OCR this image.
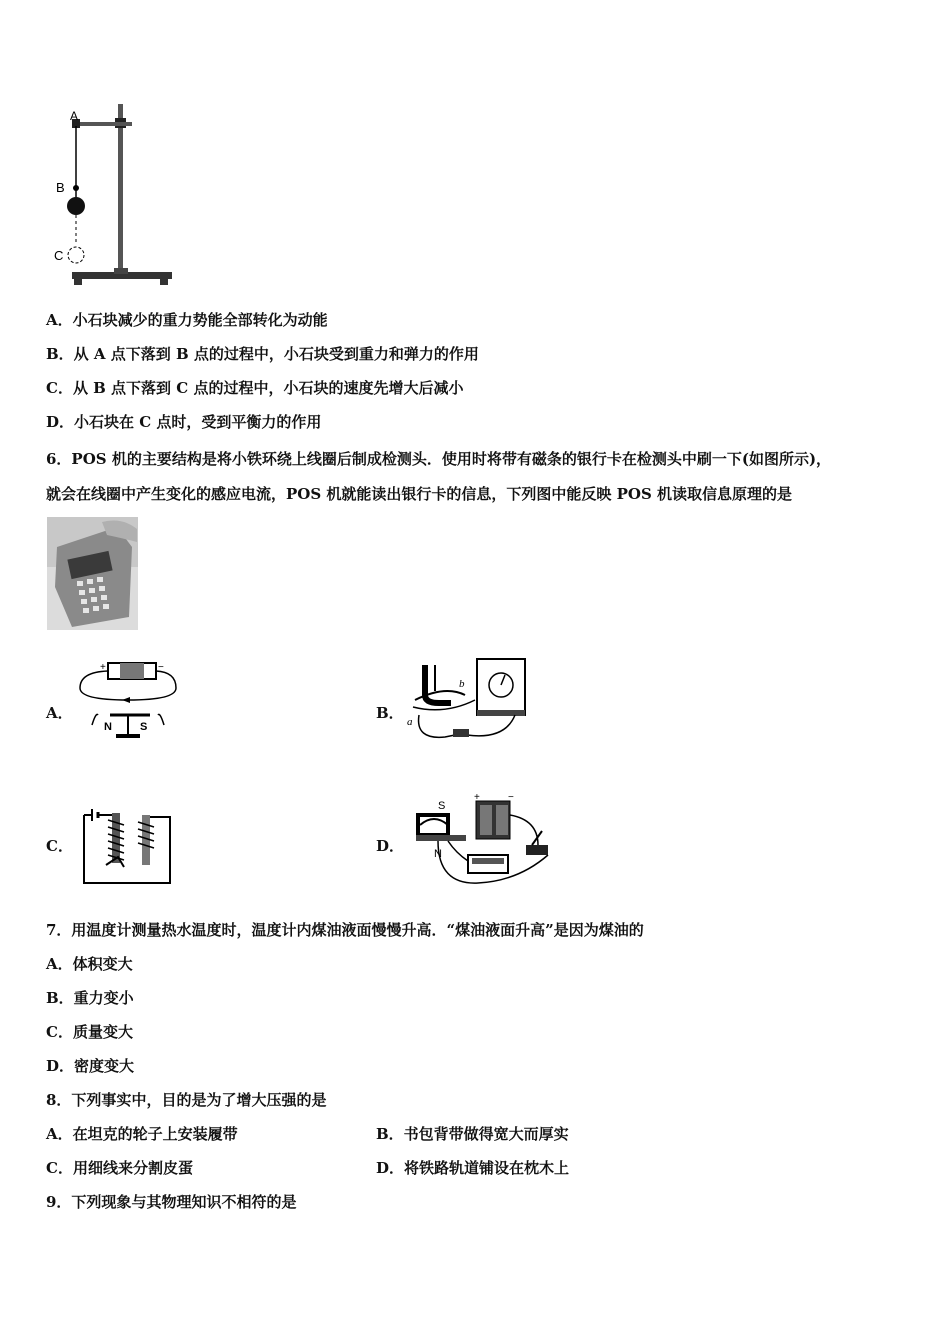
A
B
C
A．小石块减少的重力势能全部转化为动能
B．从 A 点下落到 B 点的过程中，小石块受到重力和弹力的作用
C．从 B 点下落到 C 点的过程中，小石块的速度先增大后减小
D．小石块在 C 点时，受到平衡力的作用
6．POS 机的主要结构是将小铁环绕上线圈后制成检测头．使用时将带有磁条的银行卡在检测头中刷一下(如图所示)，
就会在线圈中产生变化的感应电流，POS 机就能读出银行卡的信息，下列图中能反映 POS 机读取信息原理的是
A．
+	−
N	S
B．
b
a
C．	D．
S
N
+	−
7．用温度计测量热水温度时，温度计内煤油液面慢慢升高．“煤油液面升高”是因为煤油的
A．体积变大
B．重力变小
C．质量变大
D．密度变大
8．下列事实中，目的是为了增大压强的是
A．在坦克的轮子上安装履带	B．书包背带做得宽大而厚实
C．用细线来分割皮蛋	D．将铁路轨道铺设在枕木上
9．下列现象与其物理知识不相符的是
